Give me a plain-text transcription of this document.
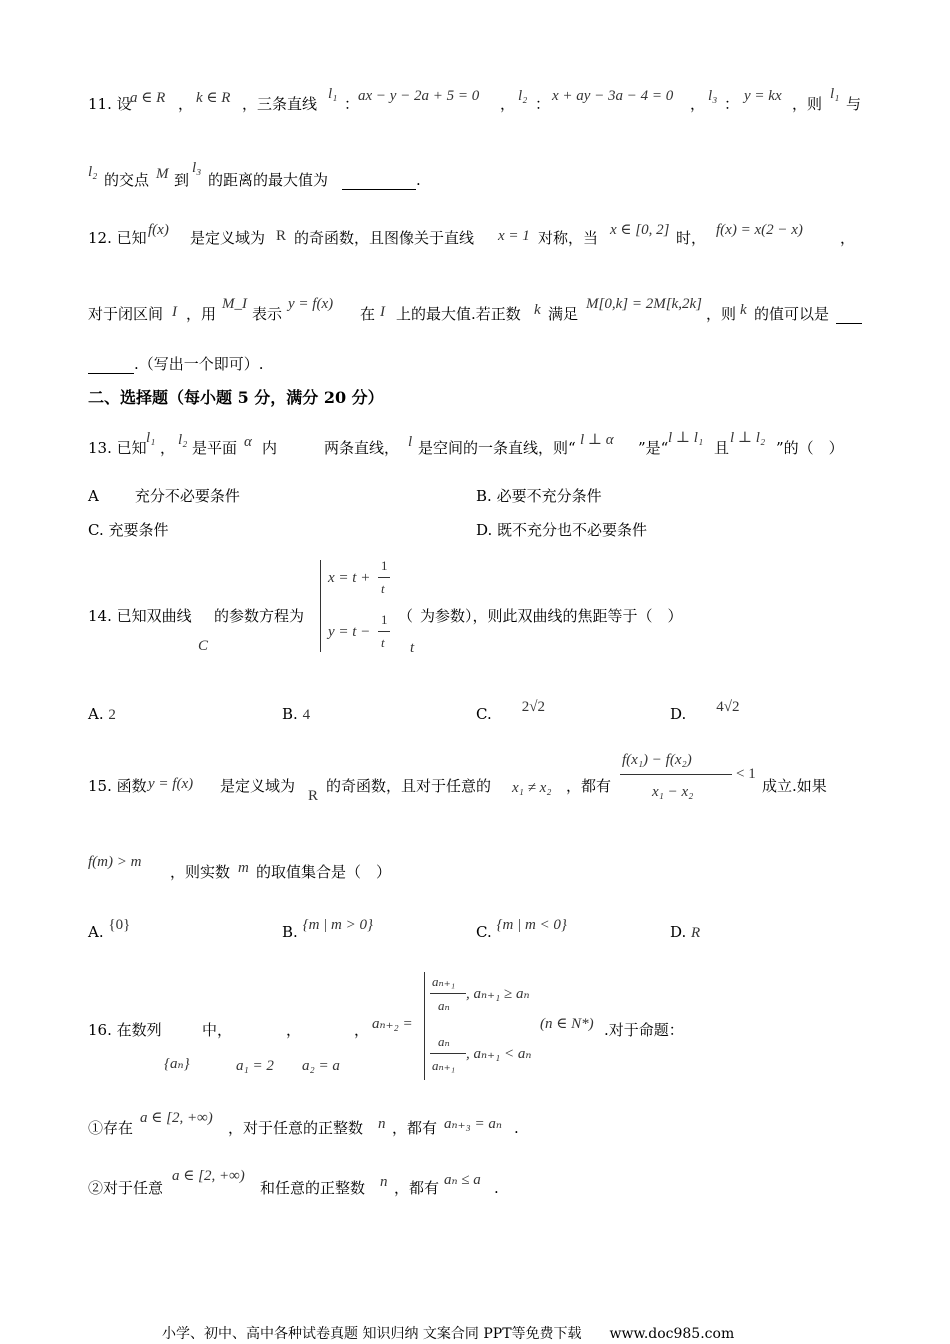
11. 设
a ∈ R ， k ∈ R ，三条直线
l₁
：
ax − y − 2a + 5 = 0 ， l₂ ： x + ay − 3a − 4 = 0 ， l₃ ： y = kx ，则
l₁
与
l₂ 的交点 M 到
l₃
的距离的最大值为	.
12. 已知 f(x) 是定义域为 R 的奇函数，且图像关于直线 x = 1 对称，当 x ∈ [0, 2] 时， f(x) = x(2 − x) ，
对于闭区间 I ，用
M_I
表示
y = f(x)
在 I 上的最大值.若正数 k 满足
M[0,k] = 2M[k,2k]
，则 k 的值可以是
.（写出一个即可）.
二、选择题（每小题 5 分，满分 20 分）
13. 已知
l₁
， l₂ 是平面 α 内	两条直线， l 是空间的一条直线，则“ l ⊥ α ”是“
l ⊥ l₁
且
l ⊥ l₂
”的（　）
A 充分不必要条件	B. 必要不充分条件
C. 充要条件	D. 既不充分也不必要条件
14. 已知双曲线
C
的参数方程为
x = t +
1
t
y = t −
1
t
（
t
为参数），则此双曲线的焦距等于（　）
A. 2	B. 4	C.　　 2√2	D.　　 4√2
15. 函数 y = f(x) 是定义域为
R
的奇函数，且对于任意的 x₁ ≠ x₂ ，都有
f(x₁) − f(x₂)
x₁ − x₂
< 1
成立.如果
f(m) > m
，则实数 m 的取值集合是（　）
A. {0}	B. {m | m > 0}	C. {m | m < 0}	D. R
16. 在数列
{aₙ}
中，
a₁ = 2
，
a₂ = a
， aₙ₊₂ =
aₙ₊₁
aₙ
, aₙ₊₁ ≥ aₙ
aₙ
aₙ₊₁
, aₙ₊₁ < aₙ
(n ∈ N*) .对于命题：
①存在
a ∈ [2, +∞)
，对于任意的正整数 n ，都有 aₙ₊₃ = aₙ .
②对于任意
a ∈ [2, +∞)
和任意的正整数 n ，都有 aₙ ≤ a .
小学、初中、高中各种试卷真题 知识归纳 文案合同 PPT等免费下载　　www.doc985.com
